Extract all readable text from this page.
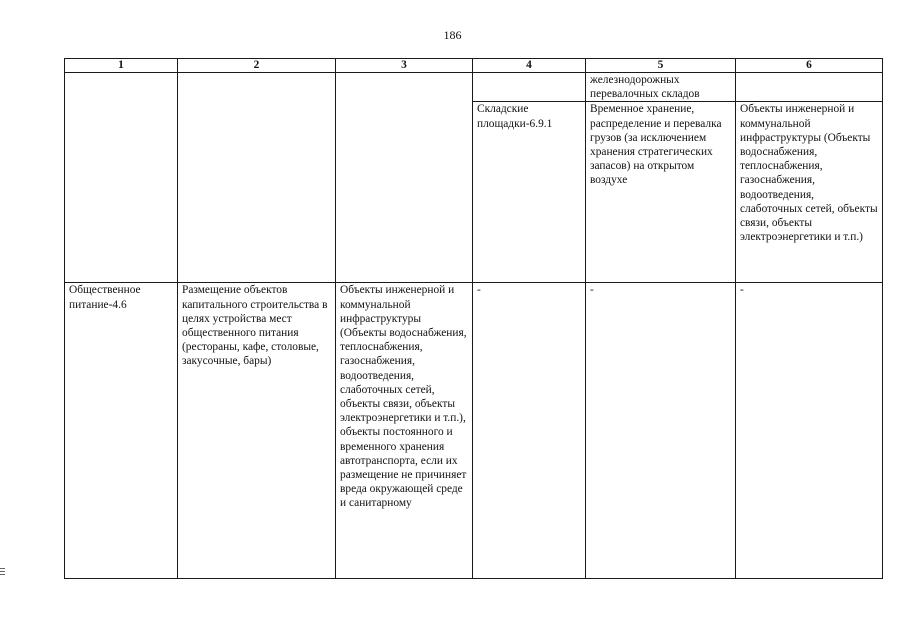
186
1	2	3	4	5	6

				железнодорожных перевалочных складов	

			Складские площадки-6.9.1	Временное хранение, распределение и перевалка грузов (за исключением хранения стратегических запасов) на открытом воздухе	Объекты инженерной и коммунальной инфраструктуры (Объекты водоснабжения, теплоснабжения, газоснабжения, водоотведения, слаботочных сетей, объекты связи, объекты электроэнергетики и т.п.)

Общественное питание-4.6	Размещение объектов капитального строительства в целях устройства мест общественного питания (рестораны, кафе, столовые, закусочные, бары)	Объекты инженерной и коммунальной инфраструктуры (Объекты водоснабжения, теплоснабжения, газоснабжения, водоотведения, слаботочных сетей, объекты связи, объекты электроэнергетики и т.п.), объекты постоянного и временного хранения автотранспорта, если их размещение не причиняет вреда окружающей среде и санитарному	-	-	-
